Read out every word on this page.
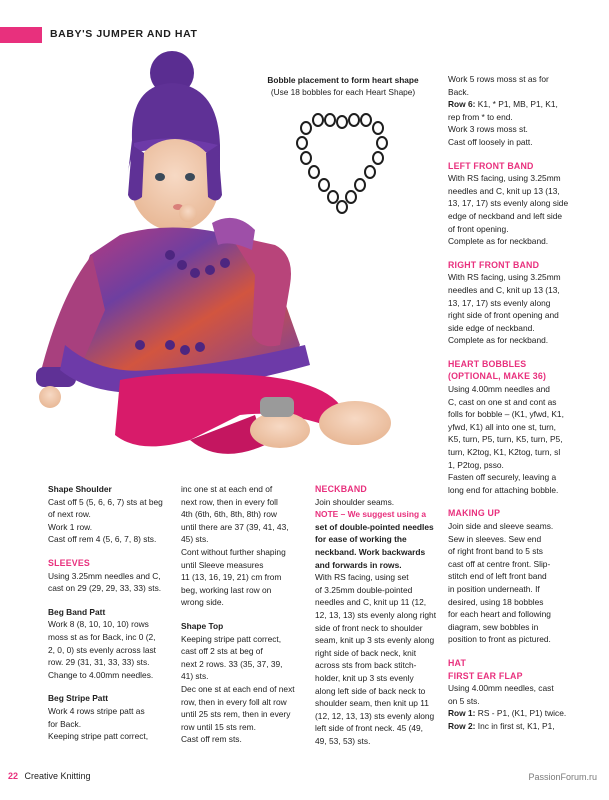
BABY'S JUMPER AND HAT
Bobble placement to form heart shape
(Use 18 bobbles for each Heart Shape)

Shape Shoulder

Cast off 5 (5, 6, 6, 7) sts at beg

of next row.

Work 1 row.

Cast off rem 4 (5, 6, 7, 8) sts.

SLEEVES

Using 3.25mm needles and C,

cast on 29 (29, 29, 33, 33) sts.

Beg Band Patt

Work 8 (8, 10, 10, 10) rows

moss st as for Back, inc 0 (2,

2, 0, 0) sts evenly across last

row. 29 (31, 31, 33, 33) sts.

Change to 4.00mm needles.

Beg Stripe Patt

Work 4 rows stripe patt as

for Back.

Keeping stripe patt correct,

inc one st at each end of

next row, then in every foll

4th (6th, 6th, 8th, 8th) row

until there are 37 (39, 41, 43,

45) sts.

Cont without further shaping

until Sleeve measures

11 (13, 16, 19, 21) cm from

beg, working last row on

wrong side.

Shape Top

Keeping stripe patt correct,

cast off 2 sts at beg of

next 2 rows. 33 (35, 37, 39,

41) sts.

Dec one st at each end of next

row, then in every foll alt row

until 25 sts rem, then in every

row until 15 sts rem.

Cast off rem sts.

NECKBAND

Join shoulder seams.

NOTE – We suggest using a

set of double-pointed needles

for ease of working the

neckband. Work backwards

and forwards in rows.

With RS facing, using set

of 3.25mm double-pointed

needles and C, knit up 11 (12,

12, 13, 13) sts evenly along right

side of front neck to shoulder

seam, knit up 3 sts evenly along

right side of back neck, knit

across sts from back stitch-

holder, knit up 3 sts evenly

along left side of back neck to

shoulder seam, then knit up 11

(12, 12, 13, 13) sts evenly along

left side of front neck. 45 (49,

49, 53, 53) sts.

Work 5 rows moss st as for

Back.

Row 6: K1, * P1, MB, P1, K1,

rep from * to end.

Work 3 rows moss st.

Cast off loosely in patt.

LEFT FRONT BAND

With RS facing, using 3.25mm

needles and C, knit up 13 (13,

13, 17, 17) sts evenly along side

edge of neckband and left side

of front opening.

Complete as for neckband.

RIGHT FRONT BAND

With RS facing, using 3.25mm

needles and C, knit up 13 (13,

13, 17, 17) sts evenly along

right side of front opening and

side edge of neckband.

Complete as for neckband.

HEART BOBBLES

(OPTIONAL, MAKE 36)

Using 4.00mm needles and

C, cast on one st and cont as

folls for bobble – (K1, yfwd, K1,

yfwd, K1) all into one st, turn,

K5, turn, P5, turn, K5, turn, P5,

turn, K2tog, K1, K2tog, turn, sl

1, P2tog, psso.

Fasten off securely, leaving a

long end for attaching bobble.

MAKING UP

Join side and sleeve seams.

Sew in sleeves. Sew end

of right front band to 5 sts

cast off at centre front. Slip-

stitch end of left front band

in position underneath. If

desired, using 18 bobbles

for each heart and following

diagram, sew bobbles in

position to front as pictured.

HAT

FIRST EAR FLAP

Using 4.00mm needles, cast

on 5 sts.

Row 1: RS - P1, (K1, P1) twice.

Row 2: Inc in first st, K1, P1,

22 Creative Knitting	PassionForum.ru
